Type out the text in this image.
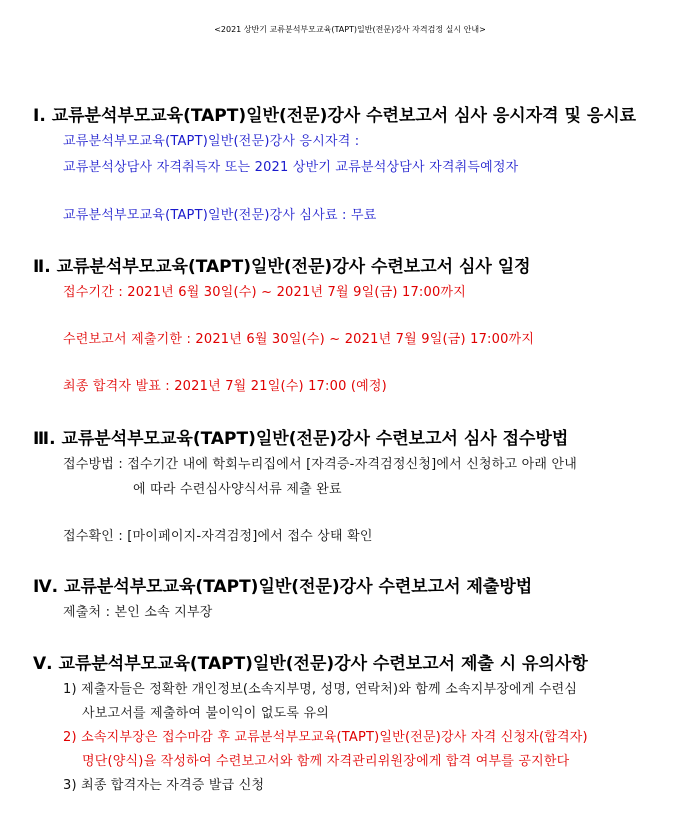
<2021 상반기 교류분석부모교육(TAPT)일반(전문)강사 자격검정 실시 안내>
Ⅰ. 교류분석부모교육(TAPT)일반(전문)강사 수련보고서 심사 응시자격 및 응시료
교류분석부모교육(TAPT)일반(전문)강사 응시자격 :
교류분석상담사 자격취득자 또는 2021 상반기 교류분석상담사 자격취득예정자
교류분석부모교육(TAPT)일반(전문)강사 심사료 : 무료
Ⅱ. 교류분석부모교육(TAPT)일반(전문)강사 수련보고서 심사 일정
접수기간 : 2021년 6월 30일(수) ~ 2021년 7월 9일(금) 17:00까지
수련보고서 제출기한 : 2021년 6월 30일(수) ~ 2021년 7월 9일(금) 17:00까지
최종 합격자 발표 : 2021년 7월 21일(수) 17:00 (예정)
Ⅲ. 교류분석부모교육(TAPT)일반(전문)강사 수련보고서 심사 접수방법
접수방법 : 접수기간 내에 학회누리집에서 [자격증-자격검정신청]에서 신청하고 아래 안내
에 따라 수련심사양식서류 제출 완료
접수확인 : [마이페이지-자격검정]에서 접수 상태 확인
Ⅳ. 교류분석부모교육(TAPT)일반(전문)강사 수련보고서 제출방법
제출처 : 본인 소속 지부장
Ⅴ. 교류분석부모교육(TAPT)일반(전문)강사 수련보고서 제출 시 유의사항
1) 제출자들은 정확한 개인정보(소속지부명, 성명, 연락처)와 함께 소속지부장에게 수련심
사보고서를 제출하여 불이익이 없도록 유의
2) 소속지부장은 접수마감 후 교류분석부모교육(TAPT)일반(전문)강사 자격 신청자(합격자)
명단(양식)을 작성하여 수련보고서와 함께 자격관리위원장에게 합격 여부를 공지한다
3) 최종 합격자는 자격증 발급 신청
